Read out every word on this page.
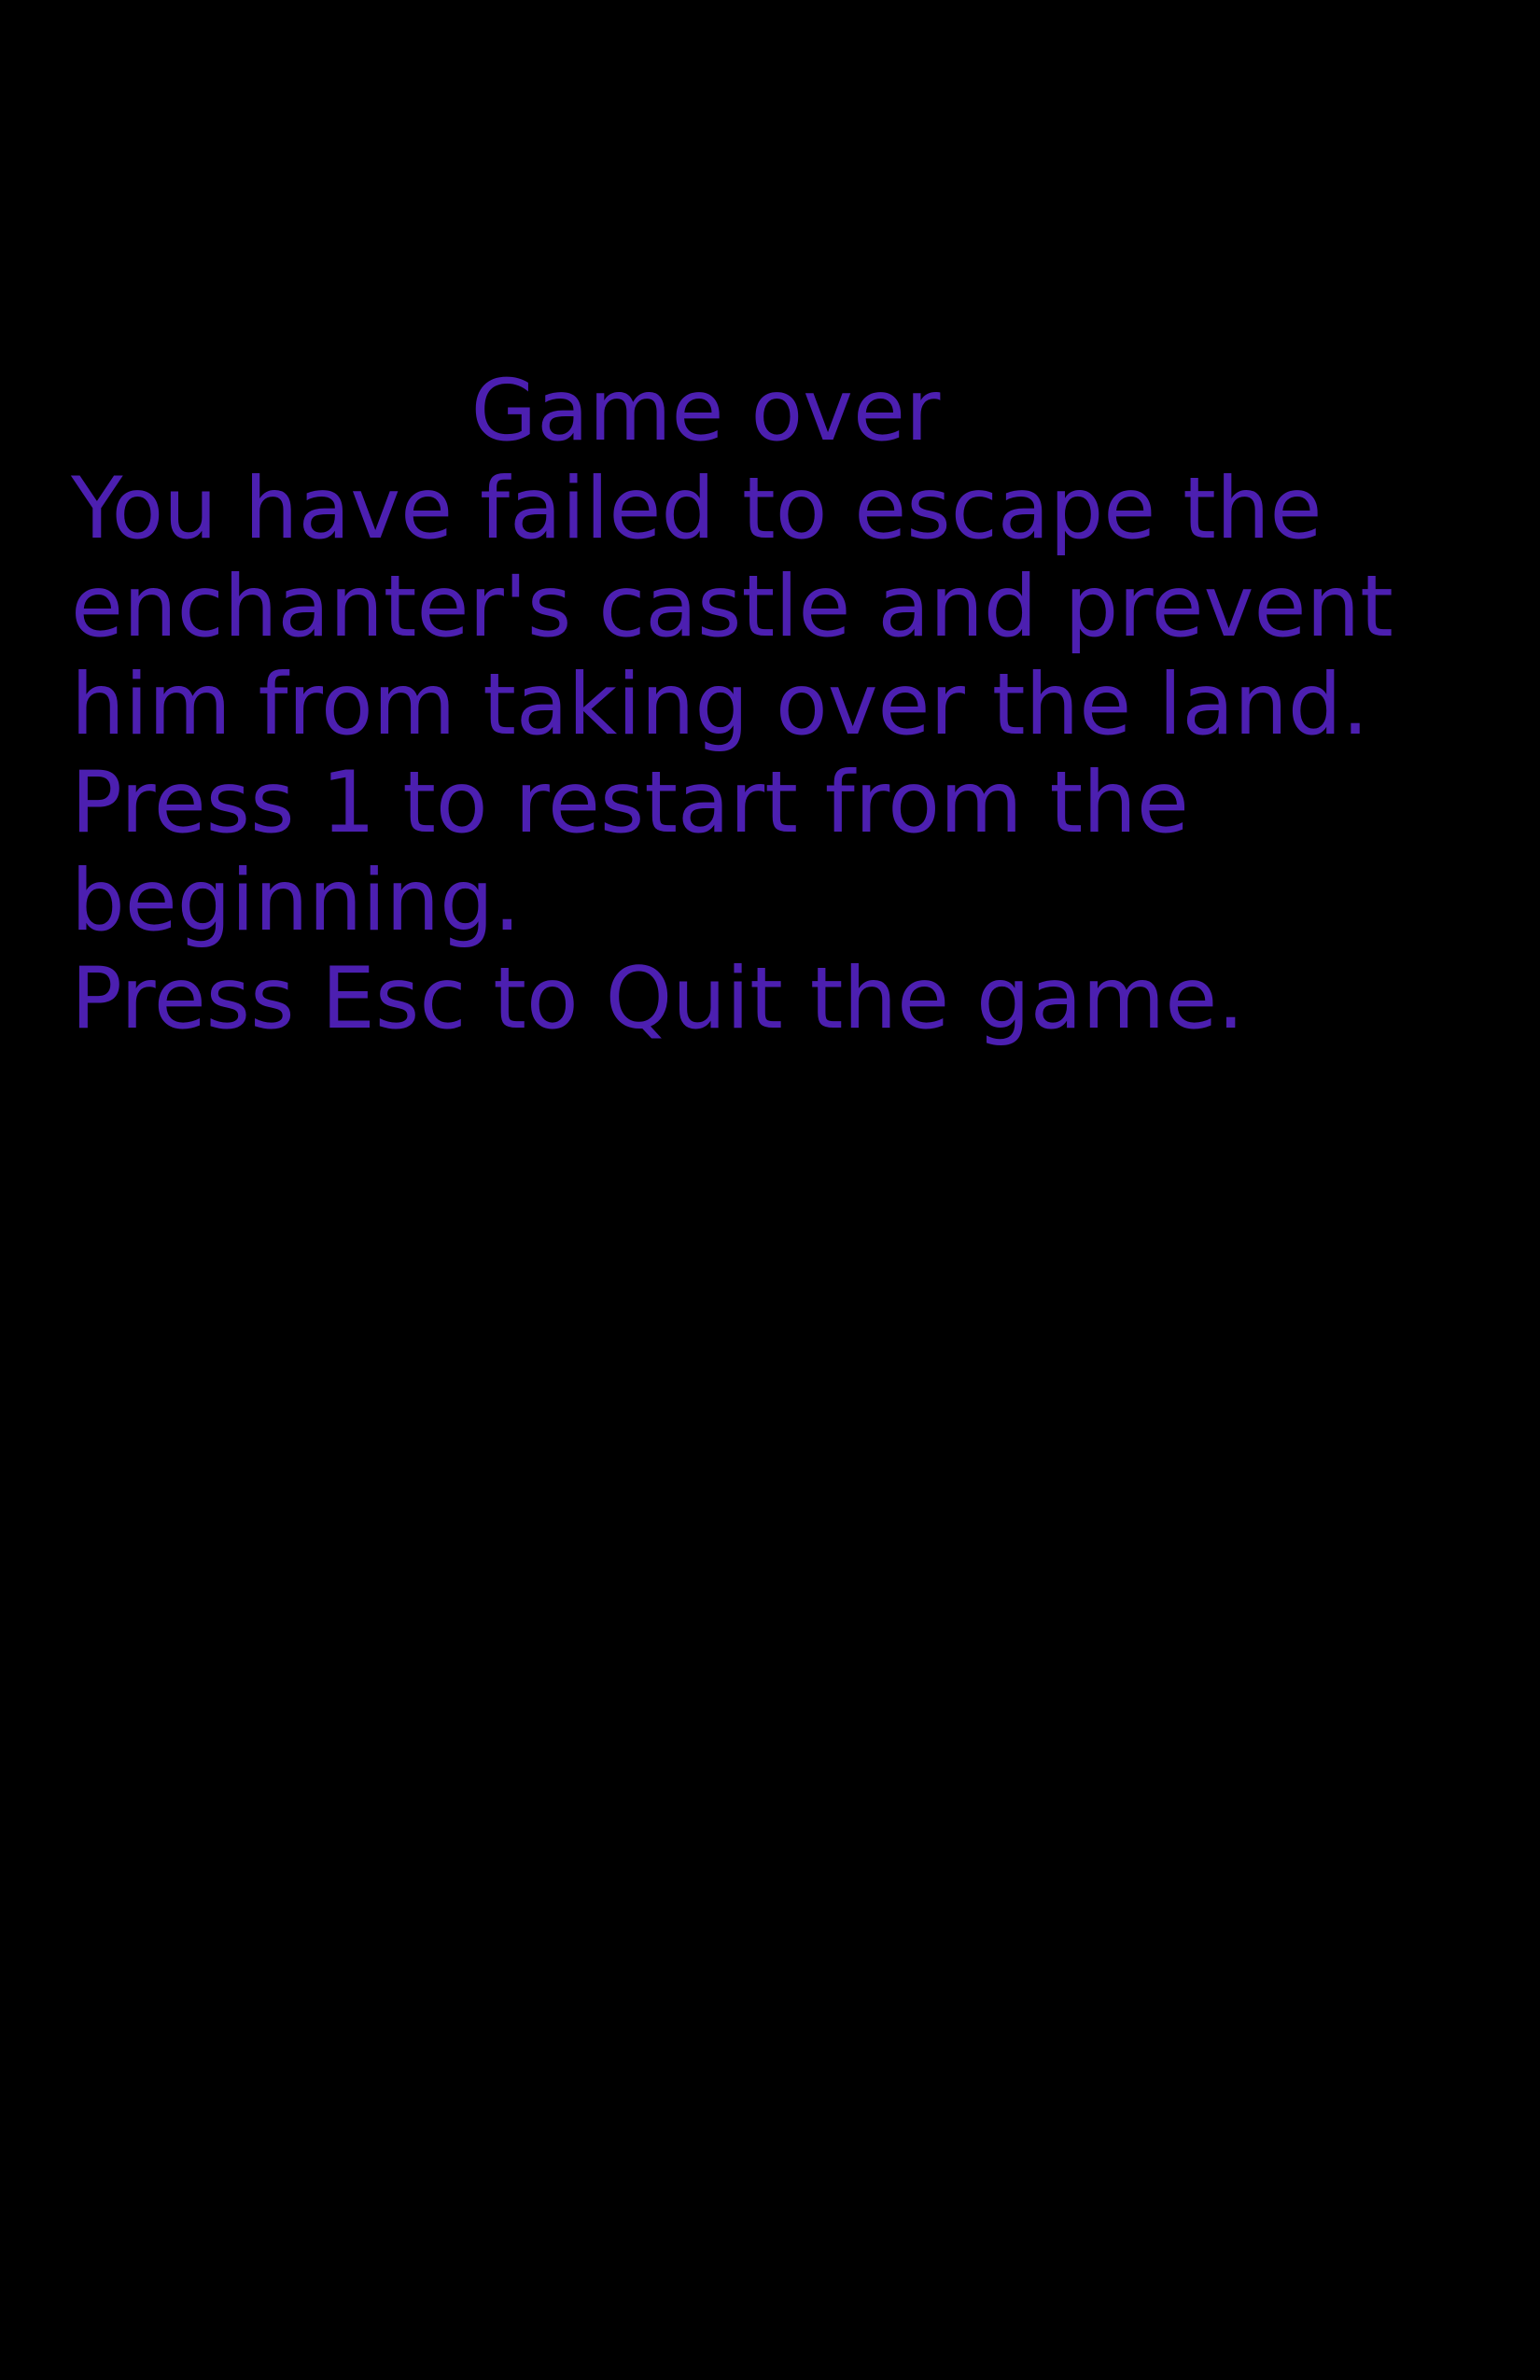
Game over
You have failed to escape the
enchanter's castle and prevent
him from taking over the land.
Press 1 to restart from the
beginning.
Press Esc to Quit the game.
